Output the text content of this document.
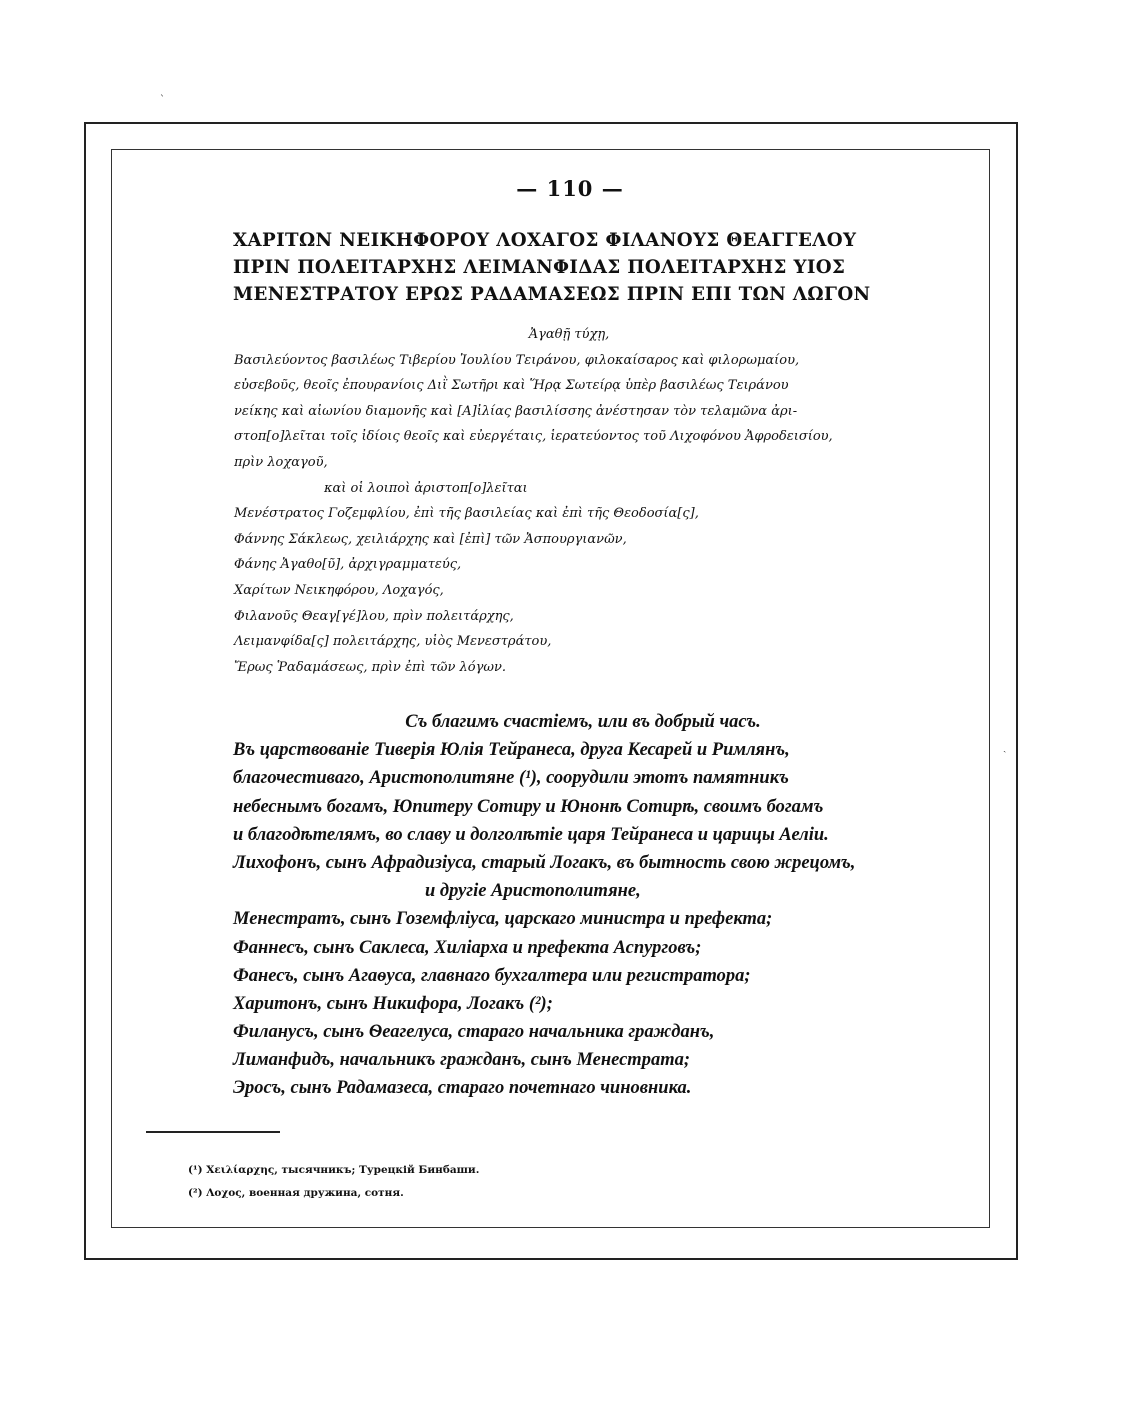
— 110 —
ΧΑΡΙΤΩΝ ΝΕΙΚΗΦΟΡΟΥ ΛΟΧΑΓΟΣ ΦΙΛΑΝΟΥΣ ΘΕΑΓΓΕΛΟΥ
ΠΡΙΝ ΠΟΛΕΙΤΑΡΧΗΣ ΛΕΙΜΑΝΦΙΔΑΣ ΠΟΛΕΙΤΑΡΧΗΣ ΥΙΟΣ
ΜΕΝΕΣΤΡΑΤΟΥ ΕΡΩΣ ΡΑΔΑΜΑΣΕΩΣ ΠΡΙΝ ΕΠΙ ΤΩΝ ΛΩΓΟΝ
Ἀγαθῇ τύχῃ,
Βασιλεύοντος βασιλέως Τιβερίου Ἰουλίου Τειράνου, φιλοκαίσαρος καὶ φιλορωμαίου,
εὐσεβοῦς, θεοῖς ἐπουρανίοις Διῒ Σωτῆρι καὶ Ἥρᾳ Σωτείρᾳ ὑπὲρ βασιλέως Τειράνου
νείκης καὶ αἰωνίου διαμονῆς καὶ [Α]ἰλίας βασιλίσσης ἀνέστησαν τὸν τελαμῶνα ἀρι-
στοπ[ο]λεῖται τοῖς ἰδίοις θεοῖς καὶ εὐεργέταις, ἱερατεύοντος τοῦ Λιχοφόνου Ἀφροδεισίου,
πρὶν λοχαγοῦ,
καὶ οἱ λοιποὶ ἀριστοπ[ο]λεῖται
Μενέστρατος Γοζεμφλίου, ἐπὶ τῆς βασιλείας καὶ ἐπὶ τῆς Θεοδοσία[ς],
Φάννης Σάκλεως, χειλιάρχης καὶ [ἐπὶ] τῶν Ἀσπουργιανῶν,
Φάνης Ἀγαθο[ῦ], ἀρχιγραμματεύς,
Χαρίτων Νεικηφόρου, Λοχαγός,
Φιλανοῦς Θεαγ[γέ]λου, πρὶν πολειτάρχης,
Λειμανφίδα[ς] πολειτάρχης, υἱὸς Μενεστράτου,
Ἔρως Ῥαδαμάσεως, πρὶν ἐπὶ τῶν λόγων.
Съ благимъ счастіемъ, или въ добрый часъ.
Въ царствованіе Тиверія Юлія Тейранеса, друга Кесарей и Римлянъ,
благочестиваго, Аристополитяне (¹), соорудили этотъ памятникъ
небеснымъ богамъ, Юпитеру Сотиру и Юнонѣ Сотирѣ, своимъ богамъ
и благодѣтелямъ, во славу и долголѣтіе царя Тейранеса и царицы Аеліи.
Лихофонъ, сынъ Афрадизіуса, старый Логакъ, въ бытность свою жрецомъ,
и другіе Аристополитяне,
Менестратъ, сынъ Гоземфліуса, царскаго министра и префекта;
Фаннесъ, сынъ Саклеса, Хиліарха и префекта Аспурговъ;
Фанесъ, сынъ Агаѳуса, главнаго бухгалтера или регистратора;
Харитонъ, сынъ Никифора, Логакъ (²);
Филанусъ, сынъ Ѳеагелуса, стараго начальника гражданъ,
Лиманфидъ, начальникъ гражданъ, сынъ Менестрата;
Эросъ, сынъ Радамазеса, стараго почетнаго чиновника.
(¹) Χειλίαρχης, тысячникъ; Турецкій Бинбаши.
(²) Λοχος, военная дружина, сотня.
ˋ
ˏ
